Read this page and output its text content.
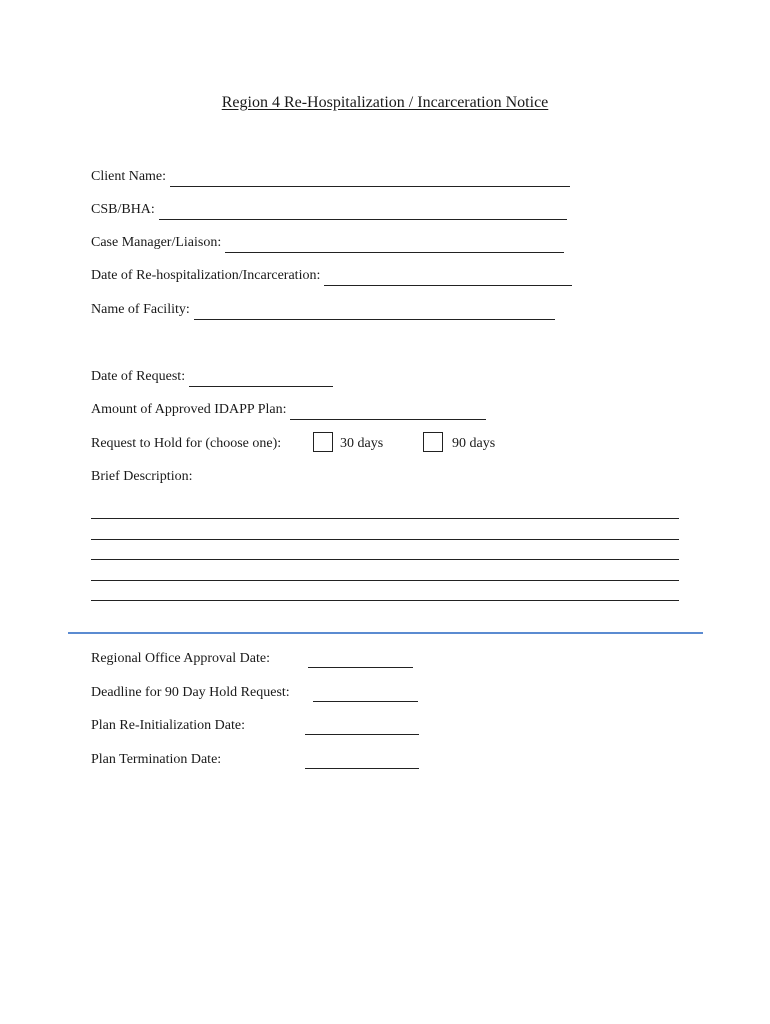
Region 4 Re-Hospitalization / Incarceration Notice
Client Name:
CSB/BHA:
Case Manager/Liaison:
Date of Re-hospitalization/Incarceration:
Name of Facility:
Date of Request:
Amount of Approved IDAPP Plan:
Request to Hold for (choose one):	30 days	90 days
Brief Description:
Regional Office Approval Date:
Deadline for 90 Day Hold Request:
Plan Re-Initialization Date:
Plan Termination Date:
